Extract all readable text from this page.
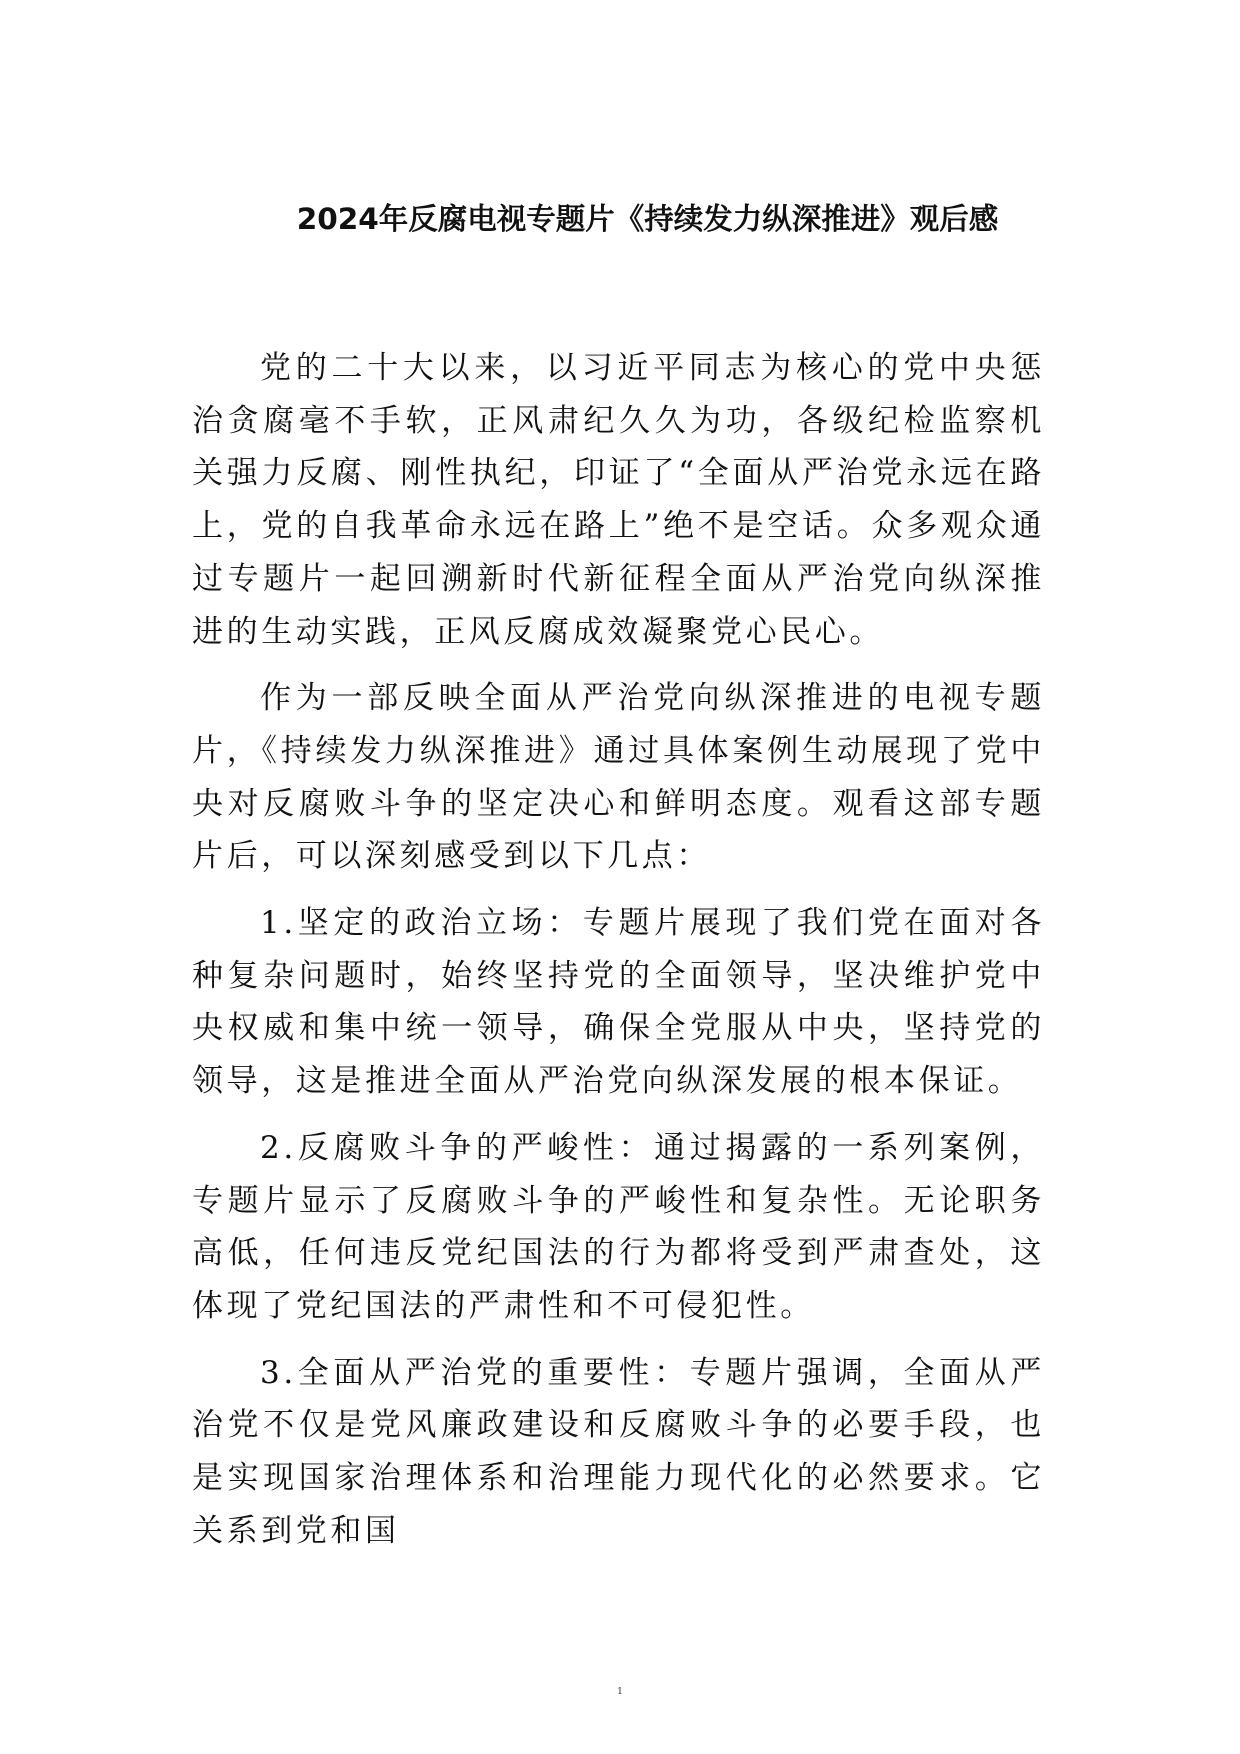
2024年反腐电视专题片《持续发力纵深推进》观后感

党的二十大以来，以习近平同志为核心的党中央惩治贪腐毫不手软，正风肃纪久久为功，各级纪检监察机关强力反腐、刚性执纪，印证了“全面从严治党永远在路上，党的自我革命永远在路上”绝不是空话。众多观众通过专题片一起回溯新时代新征程全面从严治党向纵深推进的生动实践，正风反腐成效凝聚党心民心。

作为一部反映全面从严治党向纵深推进的电视专题片，《持续发力纵深推进》通过具体案例生动展现了党中央对反腐败斗争的坚定决心和鲜明态度。观看这部专题片后，可以深刻感受到以下几点：

1.坚定的政治立场：专题片展现了我们党在面对各种复杂问题时，始终坚持党的全面领导，坚决维护党中央权威和集中统一领导，确保全党服从中央，坚持党的领导，这是推进全面从严治党向纵深发展的根本保证。

2.反腐败斗争的严峻性：通过揭露的一系列案例，专题片显示了反腐败斗争的严峻性和复杂性。无论职务高低，任何违反党纪国法的行为都将受到严肃查处，这体现了党纪国法的严肃性和不可侵犯性。

3.全面从严治党的重要性：专题片强调，全面从严治党不仅是党风廉政建设和反腐败斗争的必要手段，也是实现国家治理体系和治理能力现代化的必然要求。它关系到党和国

1
